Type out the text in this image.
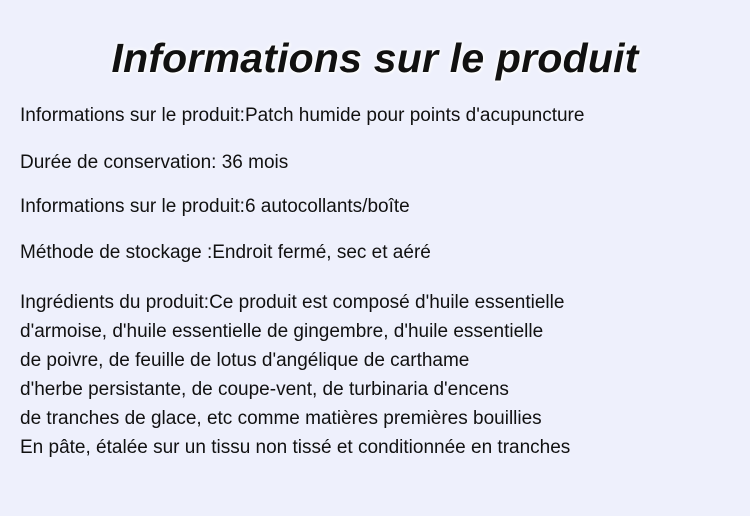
Informations sur le produit
Informations sur le produit:Patch humide pour points d'acupuncture
Durée de conservation: 36 mois
Informations sur le produit:6 autocollants/boîte
Méthode de stockage :Endroit fermé, sec et aéré
Ingrédients du produit:Ce produit est composé d'huile essentielle
d'armoise, d'huile essentielle de gingembre, d'huile essentielle
de poivre, de feuille de lotus d'angélique de carthame
d'herbe persistante, de coupe-vent, de turbinaria d'encens
de tranches de glace, etc comme matières premières bouillies
En pâte, étalée sur un tissu non tissé et conditionnée en tranches
